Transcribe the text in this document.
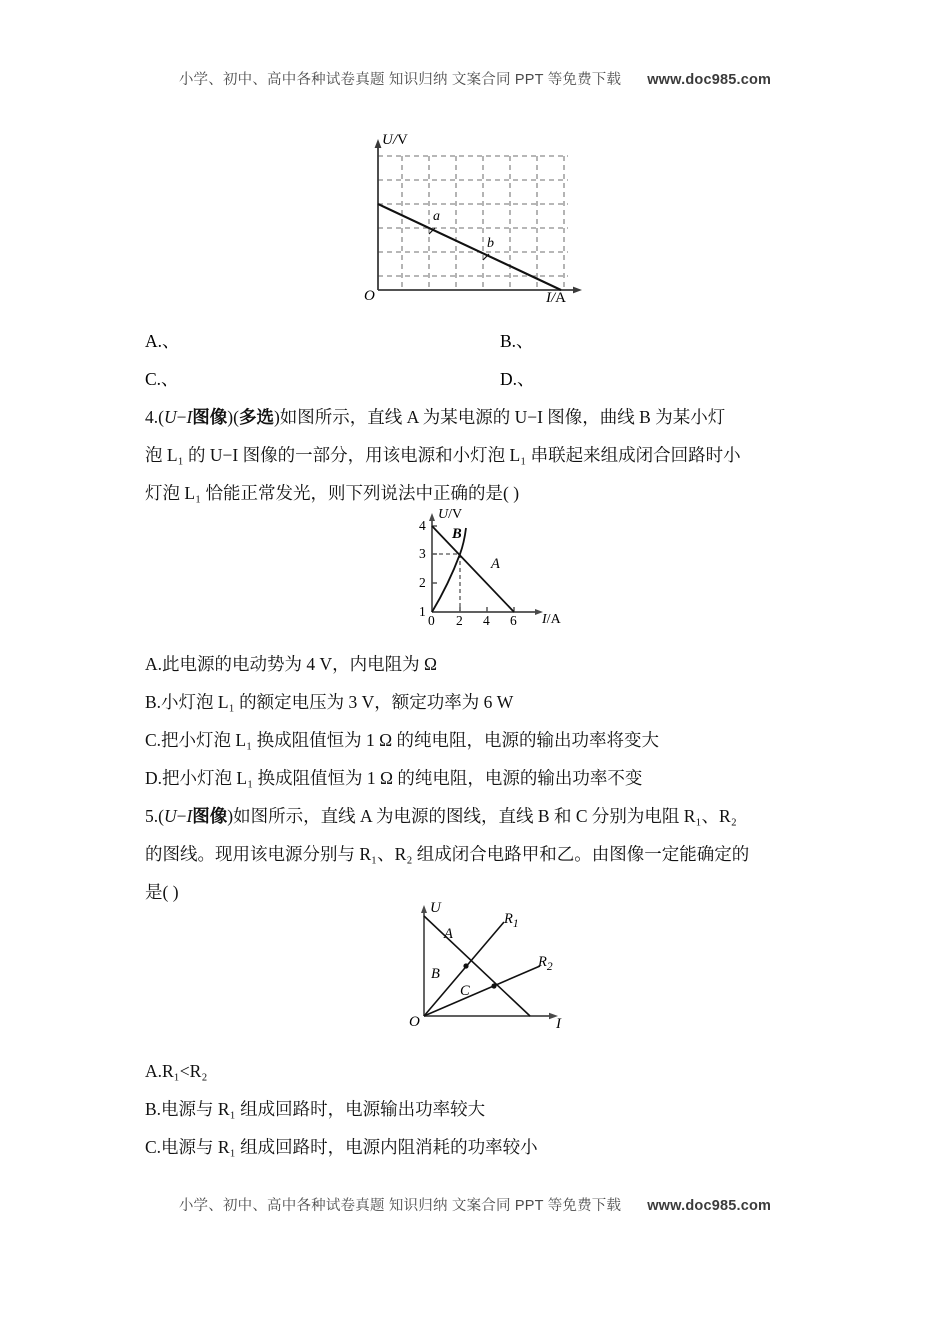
小学、初中、高中各种试卷真题 知识归纳 文案合同 PPT 等免费下载 www.doc985.com
U/V
I/A
O
a
b
A.、	B.、
C.、	D.、
4.(U−I图像)(多选)如图所示，直线 A 为某电源的 U−I 图像，曲线 B 为某小灯
泡 L₁ 的 U−I 图像的一部分，用该电源和小灯泡 L₁ 串联起来组成闭合回路时小
灯泡 L₁ 恰能正常发光，则下列说法中正确的是( )
U/V
I/A
4
3
2
1
0 2 4 6
B
A
A.此电源的电动势为 4 V，内电阻为 Ω
B.小灯泡 L₁ 的额定电压为 3 V，额定功率为 6 W
C.把小灯泡 L₁ 换成阻值恒为 1 Ω 的纯电阻，电源的输出功率将变大
D.把小灯泡 L₁ 换成阻值恒为 1 Ω 的纯电阻，电源的输出功率不变
5.(U−I图像)如图所示，直线 A 为电源的图线，直线 B 和 C 分别为电阻 R₁、R₂
的图线。现用该电源分别与 R₁、R₂ 组成闭合电路甲和乙。由图像一定能确定的
是( )
U
I
O
A
B
C
$R_1$
$R_2$
A.R₁<R₂
B.电源与 R₁ 组成回路时，电源输出功率较大
C.电源与 R₁ 组成回路时，电源内阻消耗的功率较小
小学、初中、高中各种试卷真题 知识归纳 文案合同 PPT 等免费下载 www.doc985.com
